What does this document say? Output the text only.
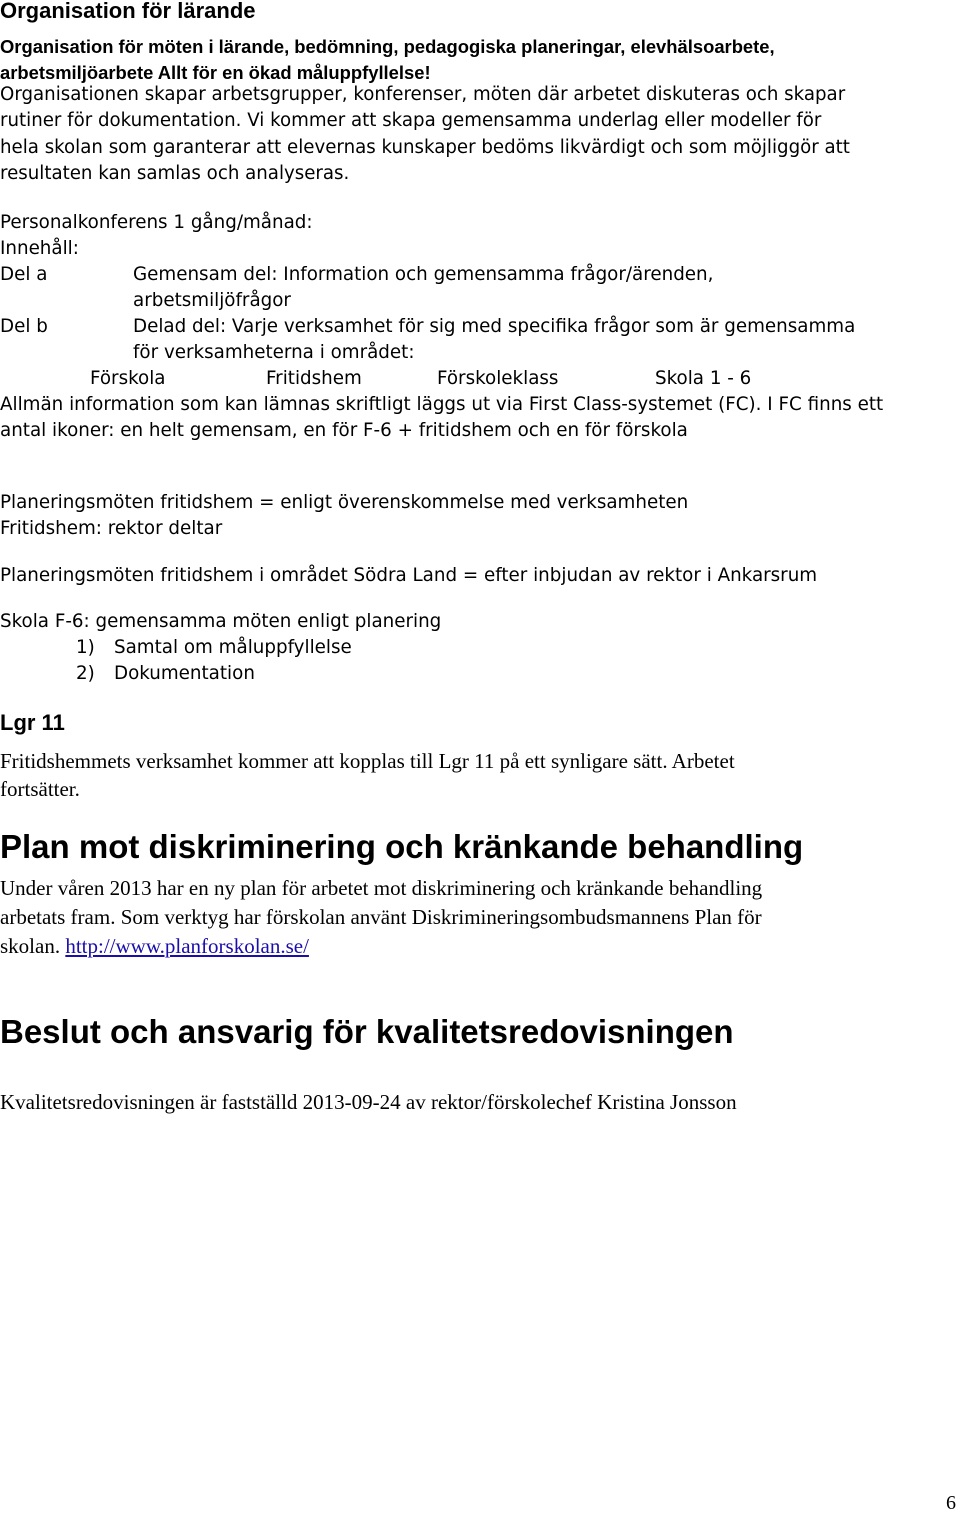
Organisation för lärande
Organisation för möten i lärande, bedömning, pedagogiska planeringar, elevhälsoarbete,
arbetsmiljöarbete Allt för en ökad måluppfyllelse!
Organisationen skapar arbetsgrupper, konferenser, möten där arbetet diskuteras och skapar
rutiner för dokumentation. Vi kommer att skapa gemensamma underlag eller modeller för
hela skolan som garanterar att elevernas kunskaper bedöms likvärdigt och som möjliggör att
resultaten kan samlas och analyseras.
Personalkonferens 1 gång/månad:
Innehåll:
Del a	Gemensam del: Information och gemensamma frågor/ärenden,
arbetsmiljöfrågor
Del b	Delad del: Varje verksamhet för sig med specifika frågor som är gemensamma
för verksamheterna i området:
Förskola	Fritidshem	Förskoleklass	Skola 1 - 6
Allmän information som kan lämnas skriftligt läggs ut via First Class-systemet (FC). I FC finns ett
antal ikoner: en helt gemensam, en för F-6 + fritidshem och en för förskola
Planeringsmöten fritidshem = enligt överenskommelse med verksamheten
Fritidshem: rektor deltar
Planeringsmöten fritidshem i området Södra Land = efter inbjudan av rektor i Ankarsrum
Skola F-6: gemensamma möten enligt planering
1) Samtal om måluppfyllelse
2) Dokumentation
Lgr 11
Fritidshemmets verksamhet kommer att kopplas till Lgr 11 på ett synligare sätt. Arbetet
fortsätter.
Plan mot diskriminering och kränkande behandling
Under våren 2013 har en ny plan för arbetet mot diskriminering och kränkande behandling
arbetats fram. Som verktyg har förskolan använt Diskrimineringsombudsmannens Plan för
skolan. http://www.planforskolan.se/
Beslut och ansvarig för kvalitetsredovisningen
Kvalitetsredovisningen är fastställd 2013-09-24 av rektor/förskolechef Kristina Jonsson
6
